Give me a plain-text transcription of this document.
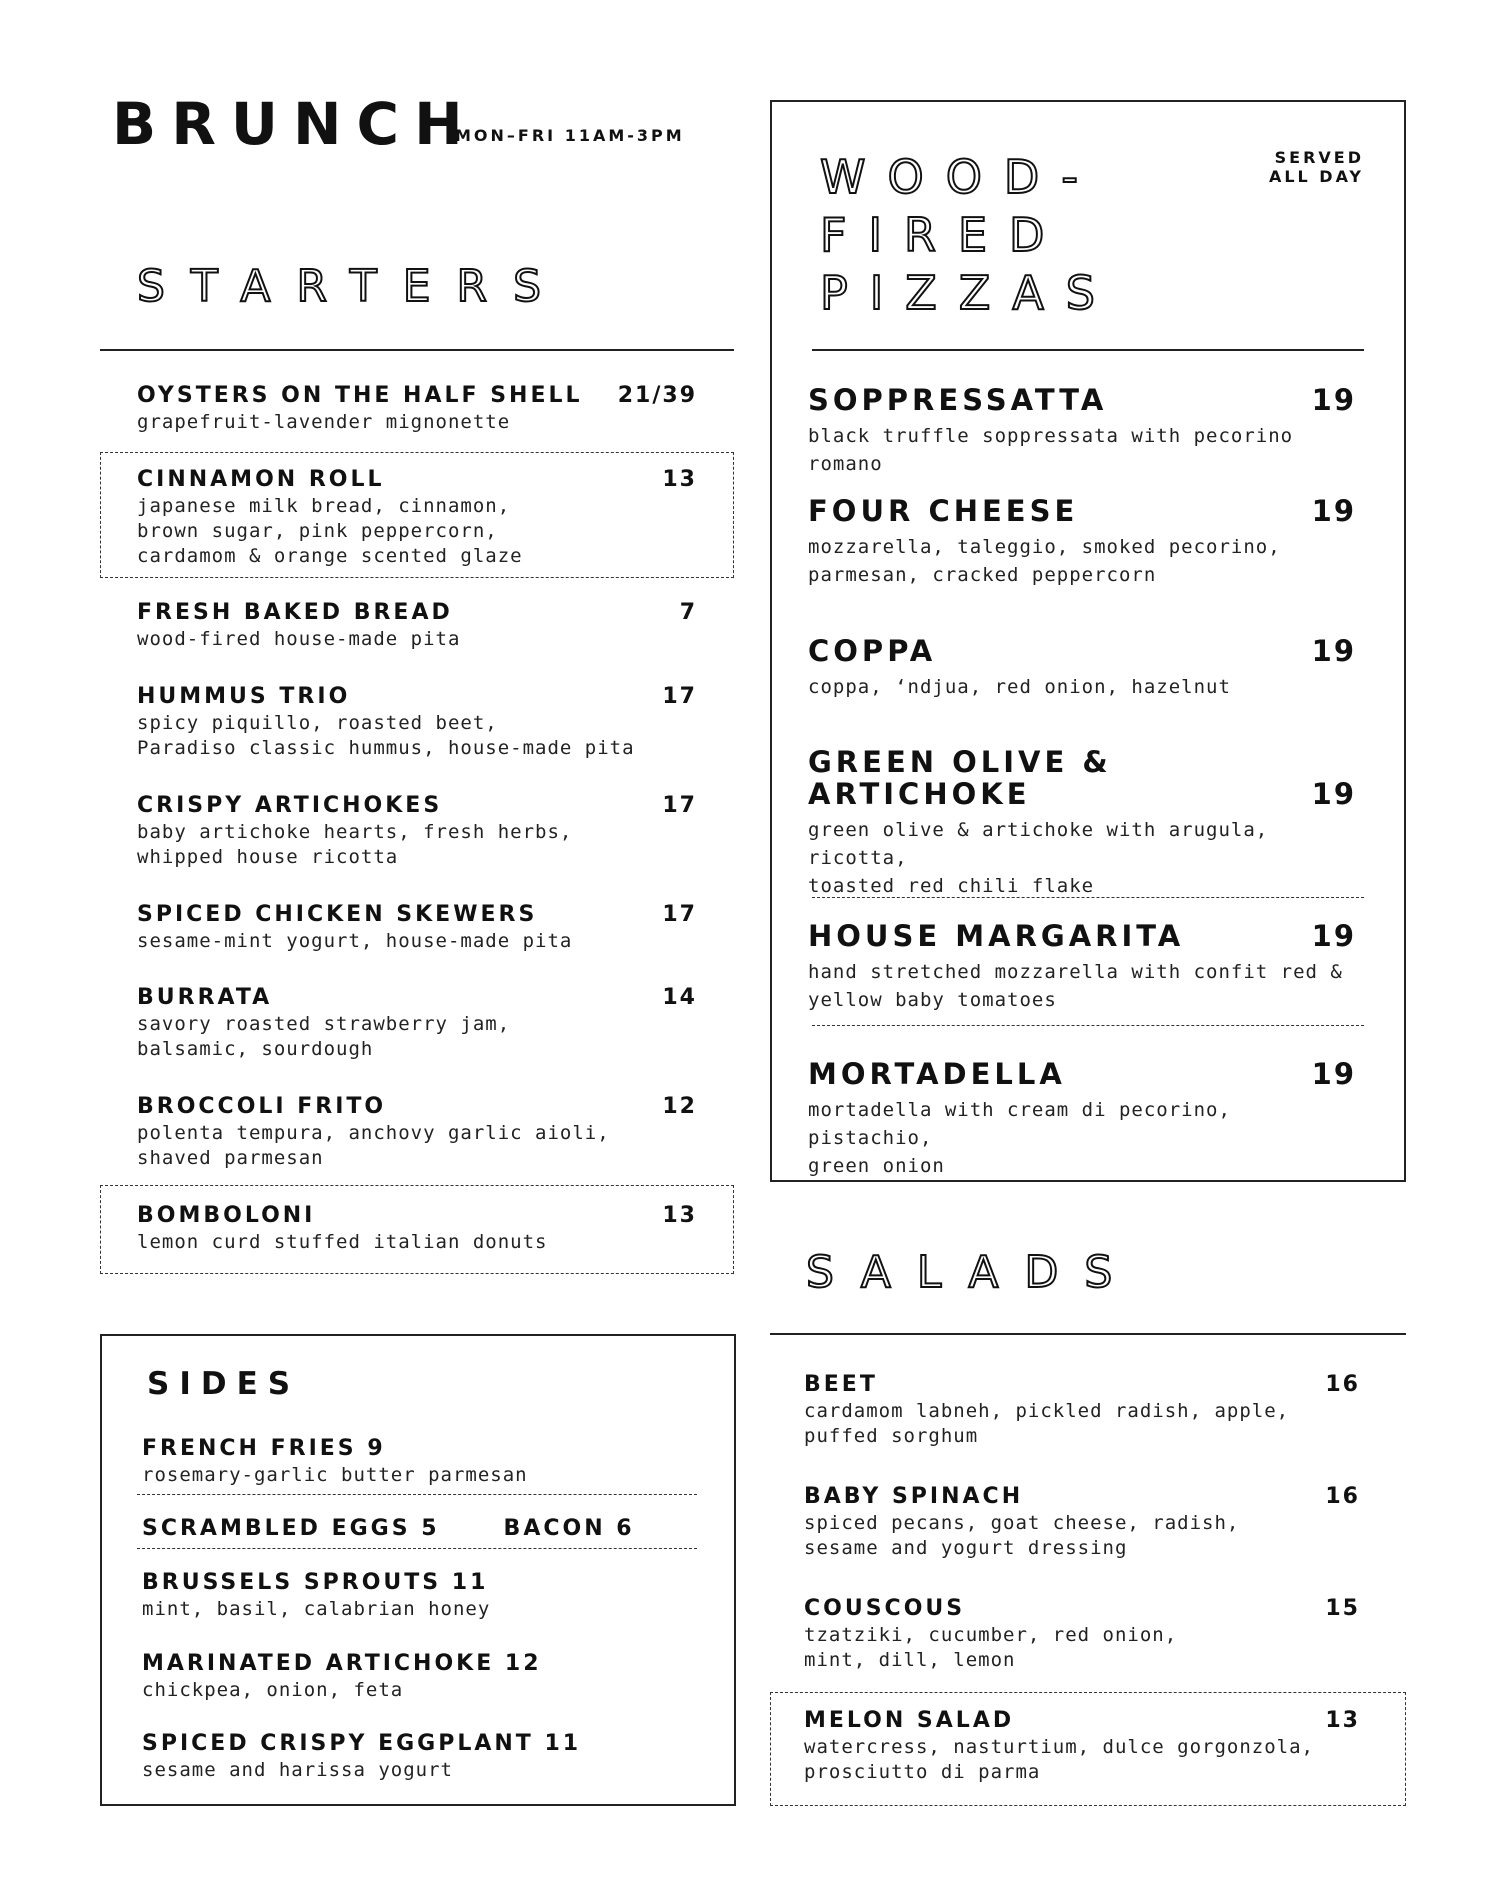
BRUNCH
MON–FRI 11AM-3PM
STARTERS
OYSTERS ON THE HALF SHELL 21/39
grapefruit-lavender mignonette
CINNAMON ROLL	13
japanese milk bread, cinnamon,
brown sugar, pink peppercorn,
cardamom & orange scented glaze
FRESH BAKED BREAD	7
wood-fired house-made pita
HUMMUS TRIO	17
spicy piquillo, roasted beet,
Paradiso classic hummus, house-made pita
CRISPY ARTICHOKES	17
baby artichoke hearts, fresh herbs,
whipped house ricotta
SPICED CHICKEN SKEWERS	17
sesame-mint yogurt, house-made pita
BURRATA	14
savory roasted strawberry jam,
balsamic, sourdough
BROCCOLI FRITO	12
polenta tempura, anchovy garlic aioli,
shaved parmesan
BOMBOLONI	13
lemon curd stuffed italian donuts
WOOD-
FIRED
PIZZAS
SERVED
ALL DAY
SOPPRESSATTA	19
black truffle soppressata with pecorino romano
FOUR CHEESE	19
mozzarella, taleggio, smoked pecorino,
parmesan, cracked peppercorn
COPPA	19
coppa, ‘ndjua, red onion, hazelnut
GREEN OLIVE &
ARTICHOKE	19
green olive & artichoke with arugula, ricotta,
toasted red chili flake
HOUSE MARGARITA	19
hand stretched mozzarella with confit red &
yellow baby tomatoes
MORTADELLA	19
mortadella with cream di pecorino, pistachio,
green onion
SALADS
BEET	16
cardamom labneh, pickled radish, apple,
puffed sorghum
BABY SPINACH	16
spiced pecans, goat cheese, radish,
sesame and yogurt dressing
COUSCOUS	15
tzatziki, cucumber, red onion,
mint, dill, lemon
MELON SALAD	13
watercress, nasturtium, dulce gorgonzola,
prosciutto di parma
SIDES
FRENCH FRIES 9
rosemary-garlic butter parmesan
SCRAMBLED EGGS 5	BACON 6
BRUSSELS SPROUTS 11
mint, basil, calabrian honey
MARINATED ARTICHOKE 12
chickpea, onion, feta
SPICED CRISPY EGGPLANT 11
sesame and harissa yogurt
